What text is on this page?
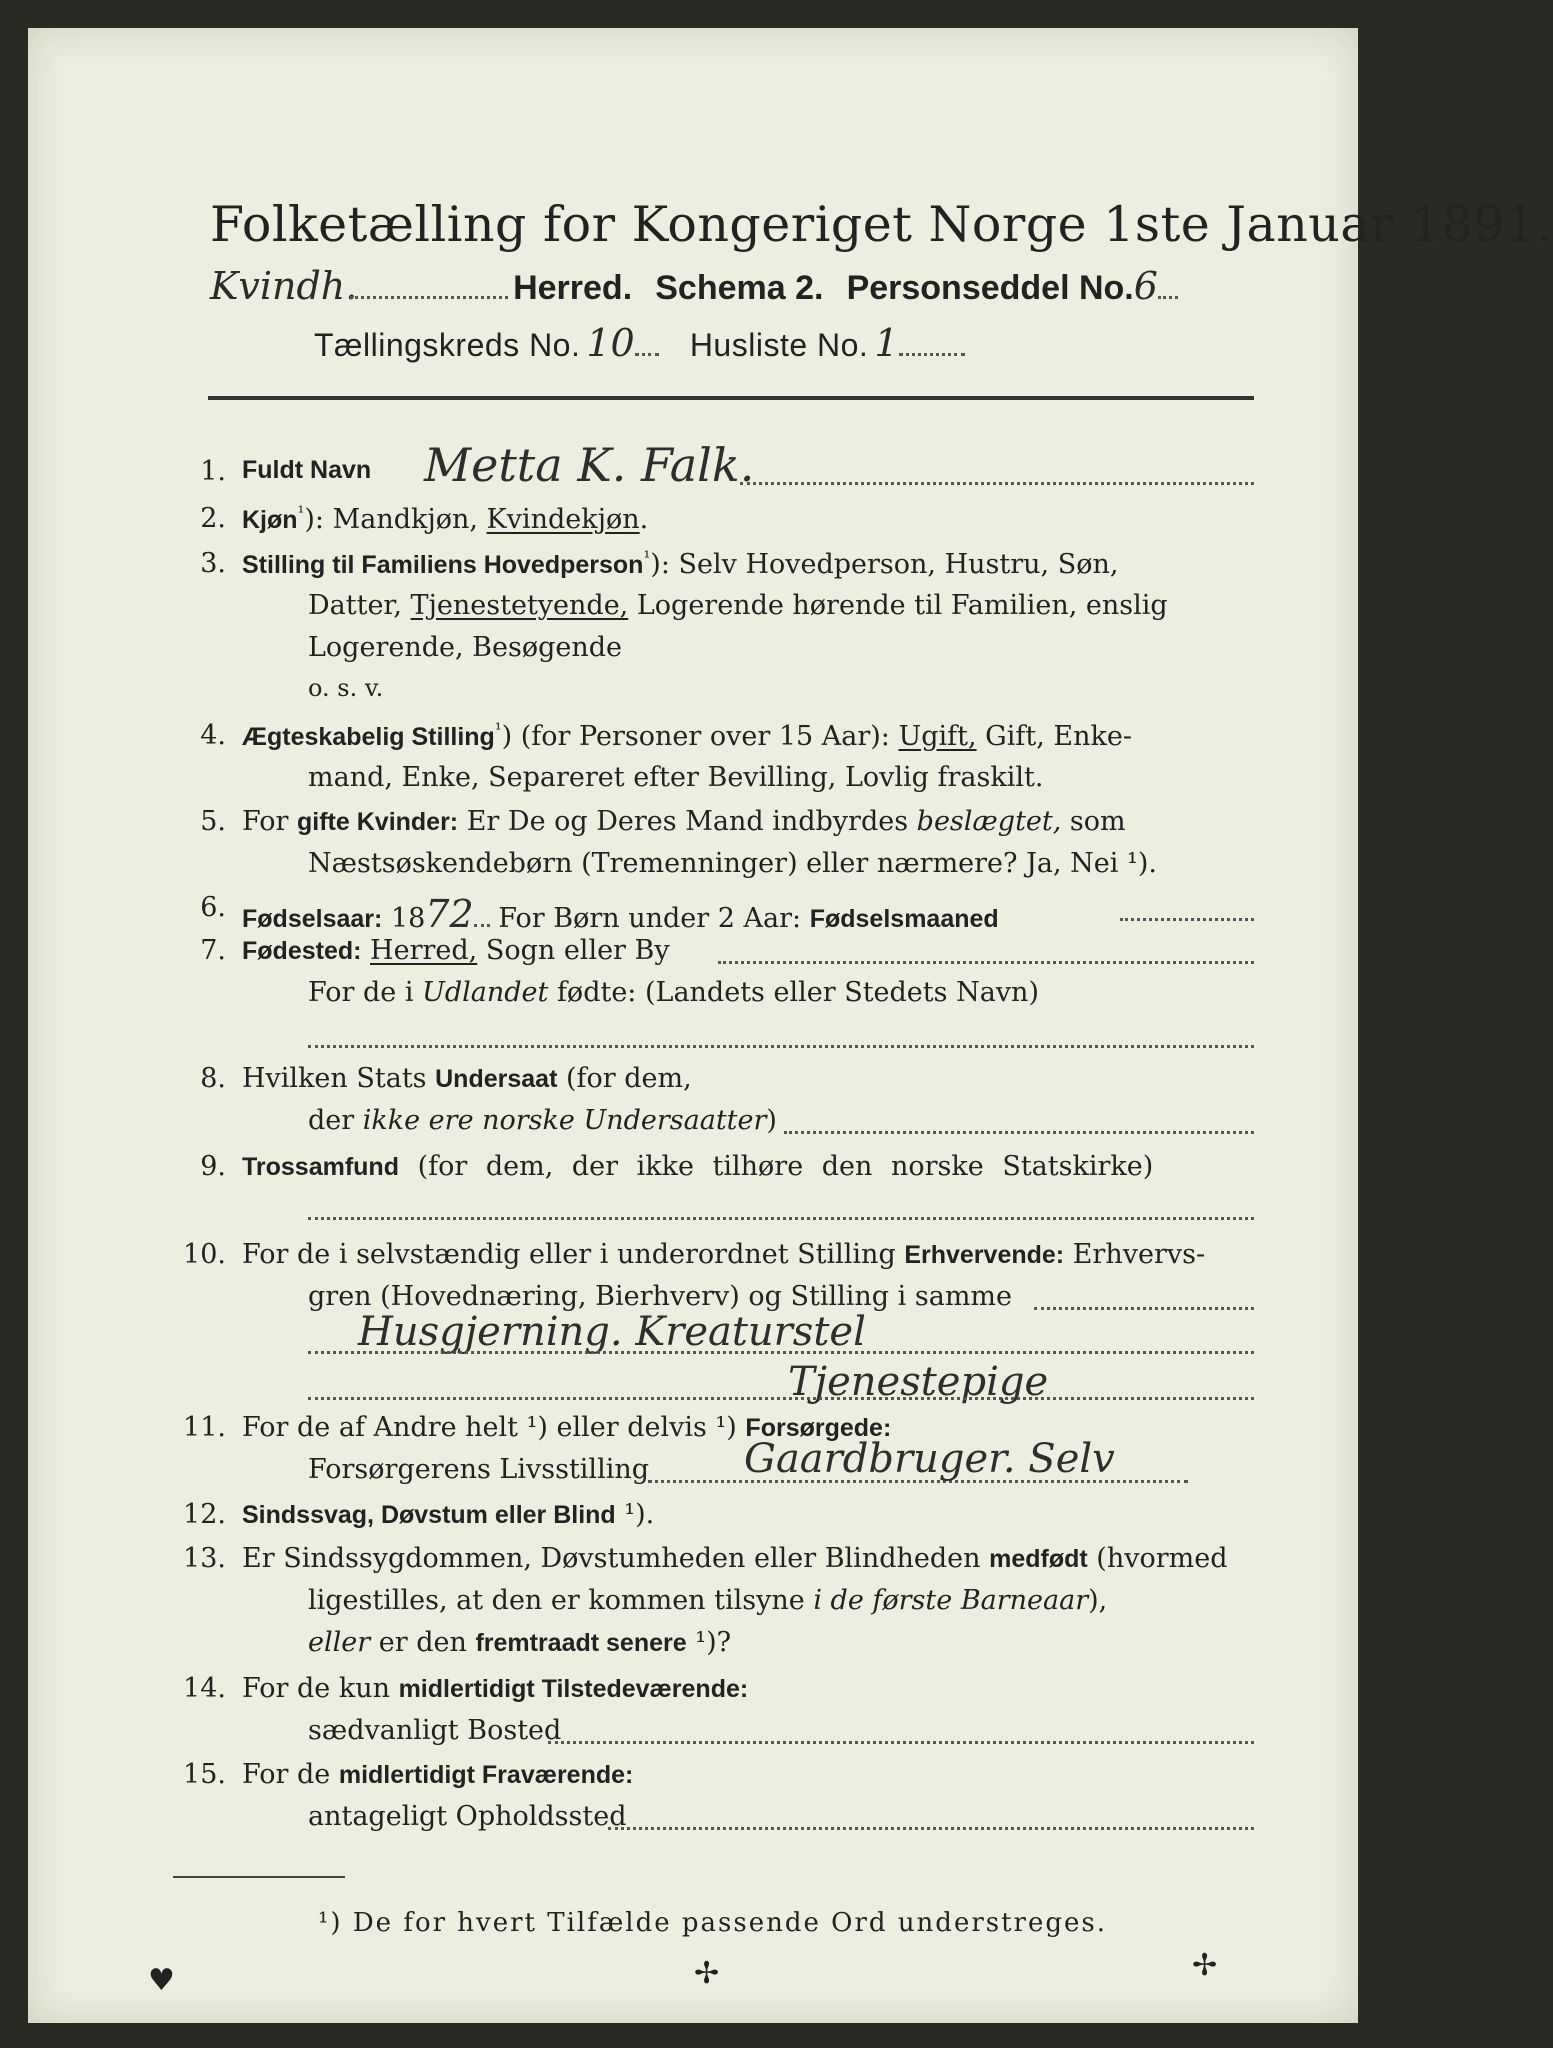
Folketælling for Kongeriget Norge 1ste Januar 1891.
Kvindh.	Herred. Schema 2. Personseddel No.6
Tællingskreds No. 10 Husliste No. 1
1. Fuldt Navn Metta K. Falk.
2. Kjøn$^{^1}$): Mandkjøn, Kvindekjøn.
3. Stilling til Familiens Hovedperson$^{^1}$): Selv Hovedperson, Hustru, Søn,
Datter, Tjenestetyende, Logerende hørende til Familien, enslig
Logerende, Besøgende
o. s. v.
4. Ægteskabelig Stilling$^{^1}$) (for Personer over 15 Aar): Ugift, Gift, Enke-
mand, Enke, Separeret efter Bevilling, Lovlig fraskilt.
5. For gifte Kvinder: Er De og Deres Mand indbyrdes beslægtet, som
Næstsøskendebørn (Tremenninger) eller nærmere? Ja, Nei ¹).
6. Fødselsaar: 1872 For Børn under 2 Aar: Fødselsmaaned
7. Fødested: Herred, Sogn eller By
For de i Udlandet fødte: (Landets eller Stedets Navn)
8. Hvilken Stats Undersaat (for dem,
der ikke ere norske Undersaatter)
9. Trossamfund (for dem, der ikke tilhøre den norske Statskirke)
10. For de i selvstændig eller i underordnet Stilling Erhvervende: Erhvervs-
gren (Hovednæring, Bierhverv) og Stilling i samme
Husgjerning. Kreaturstel
Tjenestepige
11. For de af Andre helt ¹) eller delvis ¹) Forsørgede:
Forsørgerens Livsstilling Gaardbruger. Selv
12. Sindssvag, Døvstum eller Blind ¹).
13. Er Sindssygdommen, Døvstumheden eller Blindheden medfødt (hvormed
ligestilles, at den er kommen tilsyne i de første Barneaar),
eller er den fremtraadt senere ¹)?
14. For de kun midlertidigt Tilstedeværende:
sædvanligt Bosted
15. For de midlertidigt Fraværende:
antageligt Opholdssted
¹) De for hvert Tilfælde passende Ord understreges.
♥	✢	✢
